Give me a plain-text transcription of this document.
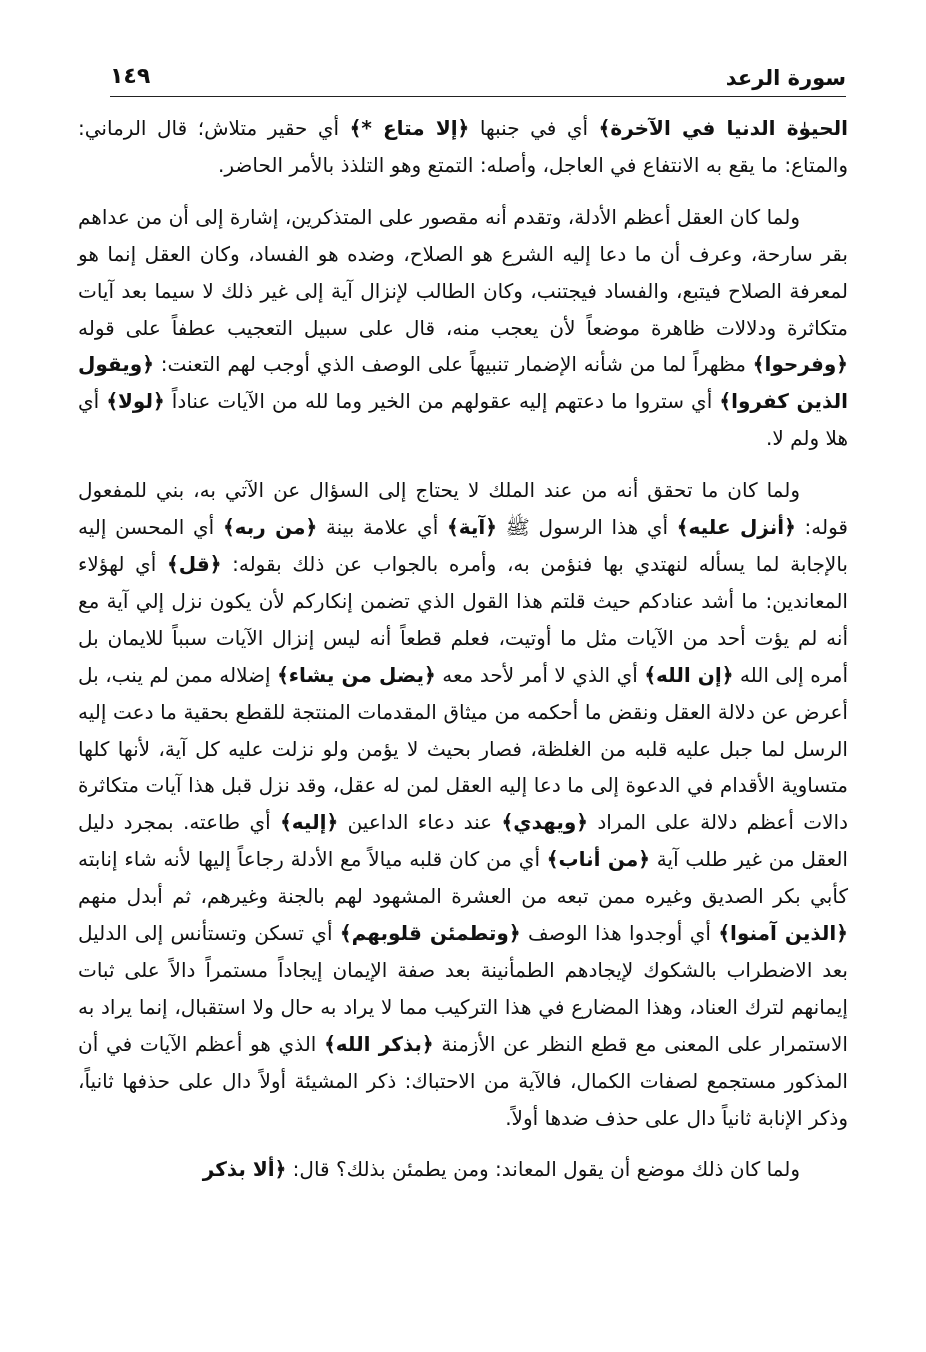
سورة الرعد
١٤٩

الحيوٰة الدنيا في الآخرة﴾ أي في جنبها ﴿إلا متاع *﴾ أي حقير متلاش؛ قال الرماني: والمتاع: ما يقع به الانتفاع في العاجل، وأصله: التمتع وهو التلذذ بالأمر الحاضر.

ولما كان العقل أعظم الأدلة، وتقدم أنه مقصور على المتذكرين، إشارة إلى أن من عداهم بقر سارحة، وعرف أن ما دعا إليه الشرع هو الصلاح، وضده هو الفساد، وكان العقل إنما هو لمعرفة الصلاح فيتبع، والفساد فيجتنب، وكان الطالب لإنزال آية إلى غير ذلك لا سيما بعد آيات متكاثرة ودلالات ظاهرة موضعاً لأن يعجب منه، قال على سبيل التعجيب عطفاً على قوله ﴿وفرحوا﴾ مظهراً لما من شأنه الإضمار تنبيهاً على الوصف الذي أوجب لهم التعنت: ﴿ويقول الذين كفروا﴾ أي ستروا ما دعتهم إليه عقولهم من الخير وما لله من الآيات عناداً ﴿لولا﴾ أي هلا ولم لا.

ولما كان ما تحقق أنه من عند الملك لا يحتاج إلى السؤال عن الآتي به، بني للمفعول قوله: ﴿أنزل عليه﴾ أي هذا الرسول ﷺ ﴿آية﴾ أي علامة بينة ﴿من ربه﴾ أي المحسن إليه بالإجابة لما يسأله لنهتدي بها فنؤمن به، وأمره بالجواب عن ذلك بقوله: ﴿قل﴾ أي لهؤلاء المعاندين: ما أشد عنادكم حيث قلتم هذا القول الذي تضمن إنكاركم لأن يكون نزل إلي آية مع أنه لم يؤت أحد من الآيات مثل ما أوتيت، فعلم قطعاً أنه ليس إنزال الآيات سبباً للايمان بل أمره إلى الله ﴿إن الله﴾ أي الذي لا أمر لأحد معه ﴿يضل من يشاء﴾ إضلاله ممن لم ينب، بل أعرض عن دلالة العقل ونقض ما أحكمه من ميثاق المقدمات المنتجة للقطع بحقية ما دعت إليه الرسل لما جبل عليه قلبه من الغلظة، فصار بحيث لا يؤمن ولو نزلت عليه كل آية، لأنها كلها متساوية الأقدام في الدعوة إلى ما دعا إليه العقل لمن له عقل، وقد نزل قبل هذا آيات متكاثرة دالات أعظم دلالة على المراد ﴿ويهدي﴾ عند دعاء الداعين ﴿إليه﴾ أي طاعته. بمجرد دليل العقل من غير طلب آية ﴿من أناب﴾ أي من كان قلبه ميالاً مع الأدلة رجاعاً إليها لأنه شاء إنابته كأبي بكر الصديق وغيره ممن تبعه من العشرة المشهود لهم بالجنة وغيرهم، ثم أبدل منهم ﴿الذين آمنوا﴾ أي أوجدوا هذا الوصف ﴿وتطمئن قلوبهم﴾ أي تسكن وتستأنس إلى الدليل بعد الاضطراب بالشكوك لإيجادهم الطمأنينة بعد صفة الإيمان إيجاداً مستمراً دالاً على ثبات إيمانهم لترك العناد، وهذا المضارع في هذا التركيب مما لا يراد به حال ولا استقبال، إنما يراد به الاستمرار على المعنى مع قطع النظر عن الأزمنة ﴿بذكر الله﴾ الذي هو أعظم الآيات في أن المذكور مستجمع لصفات الكمال، فالآية من الاحتباك: ذكر المشيئة أولاً دال على حذفها ثانياً، وذكر الإنابة ثانياً دال على حذف ضدها أولاً.

ولما كان ذلك موضع أن يقول المعاند: ومن يطمئن بذلك؟ قال: ﴿ألا بذكر
